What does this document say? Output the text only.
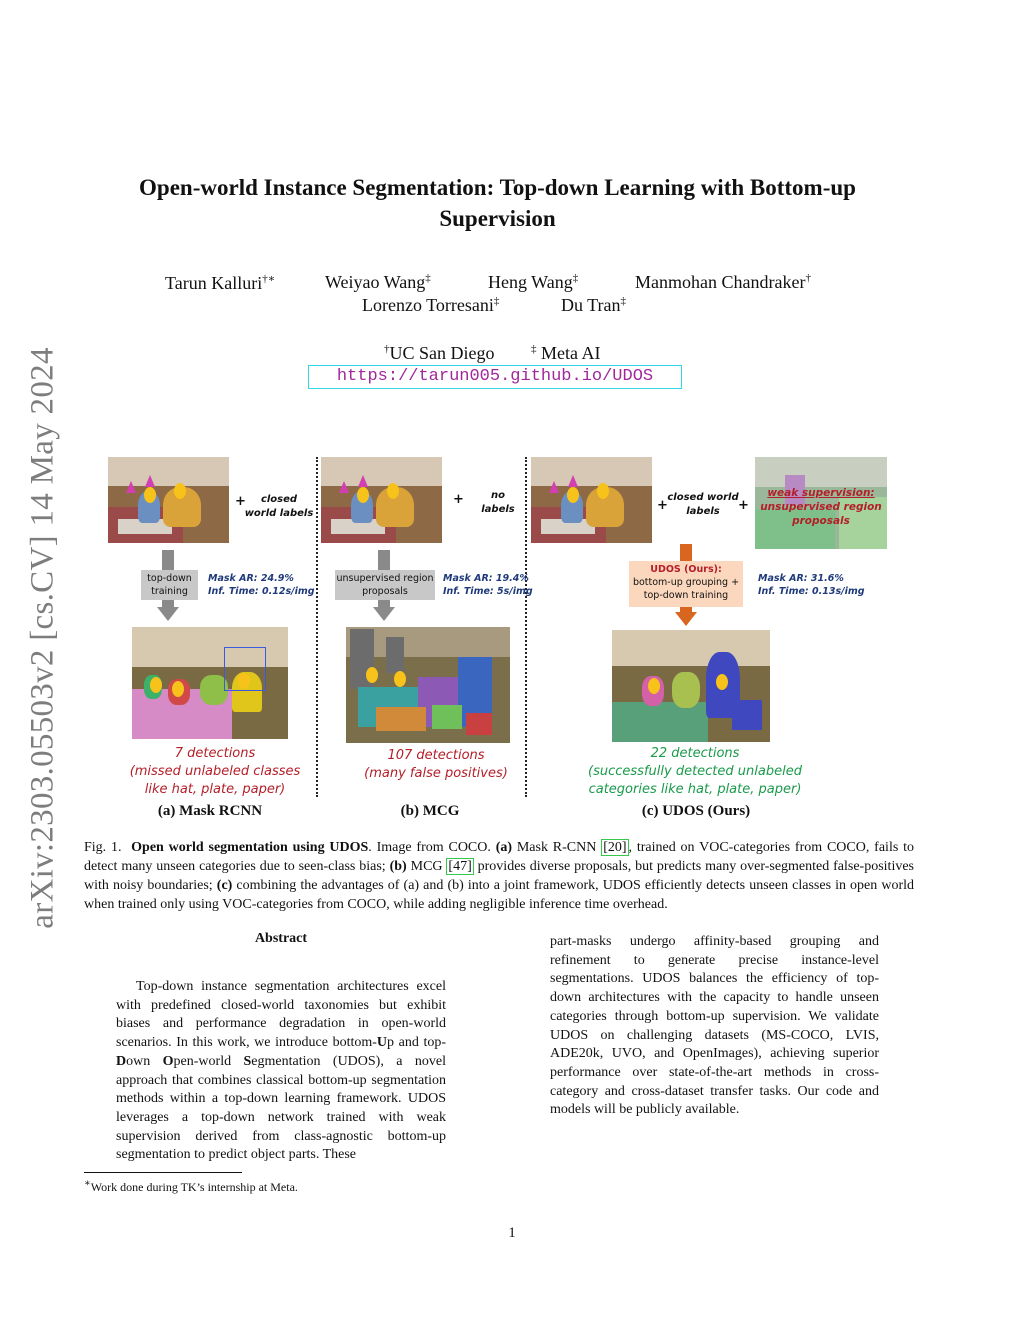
arXiv:2303.05503v2 [cs.CV] 14 May 2024
Open-world Instance Segmentation: Top-down Learning with Bottom-up Supervision
Tarun Kalluri†∗	Weiyao Wang‡	Heng Wang‡	Manmohan Chandraker†
Lorenzo Torresani‡	Du Tran‡
†UC San Diego	‡ Meta AI
https://tarun005.github.io/UDOS
+	closed world labels
top-down training
Mask AR: 24.9%
Inf. Time: 0.12s/img
7 detections
(missed unlabeled classes like hat, plate, paper)
(a) Mask RCNN
+	no labels
unsupervised region proposals
Mask AR: 19.4%
Inf. Time: 5s/img
107 detections
(many false positives)
(b) MCG
+
closed world labels	+
weak supervision:
unsupervised region proposals
UDOS (Ours):
bottom-up grouping + top-down training
Mask AR: 31.6%
Inf. Time: 0.13s/img
22 detections
(successfully detected unlabeled categories like hat, plate, paper)
(c) UDOS (Ours)
Fig. 1. Open world segmentation using UDOS. Image from COCO. (a) Mask R-CNN [20] , trained on VOC-categories from COCO, fails to detect many unseen categories due to seen-class bias; (b) MCG [47] provides diverse proposals, but predicts many over-segmented false-positives with noisy boundaries; (c) combining the advantages of (a) and (b) into a joint framework, UDOS efficiently detects unseen classes in open world when trained only using VOC-categories from COCO, while adding negligible inference time overhead.
Abstract
Top-down instance segmentation architectures excel with predefined closed-world taxonomies but exhibit biases and performance degradation in open-world scenarios. In this work, we introduce bottom-Up and top-Down Open-world Segmentation (UDOS), a novel approach that combines classical bottom-up segmentation methods within a top-down learning framework. UDOS leverages a top-down network trained with weak supervision derived from class-agnostic bottom-up segmentation to predict object parts. These
part-masks undergo affinity-based grouping and refinement to generate precise instance-level segmentations. UDOS balances the efficiency of top-down architectures with the capacity to handle unseen categories through bottom-up supervision. We validate UDOS on challenging datasets (MS-COCO, LVIS, ADE20k, UVO, and OpenImages), achieving superior performance over state-of-the-art methods in cross-category and cross-dataset transfer tasks. Our code and models will be publicly available.
∗Work done during TK’s internship at Meta.
1
